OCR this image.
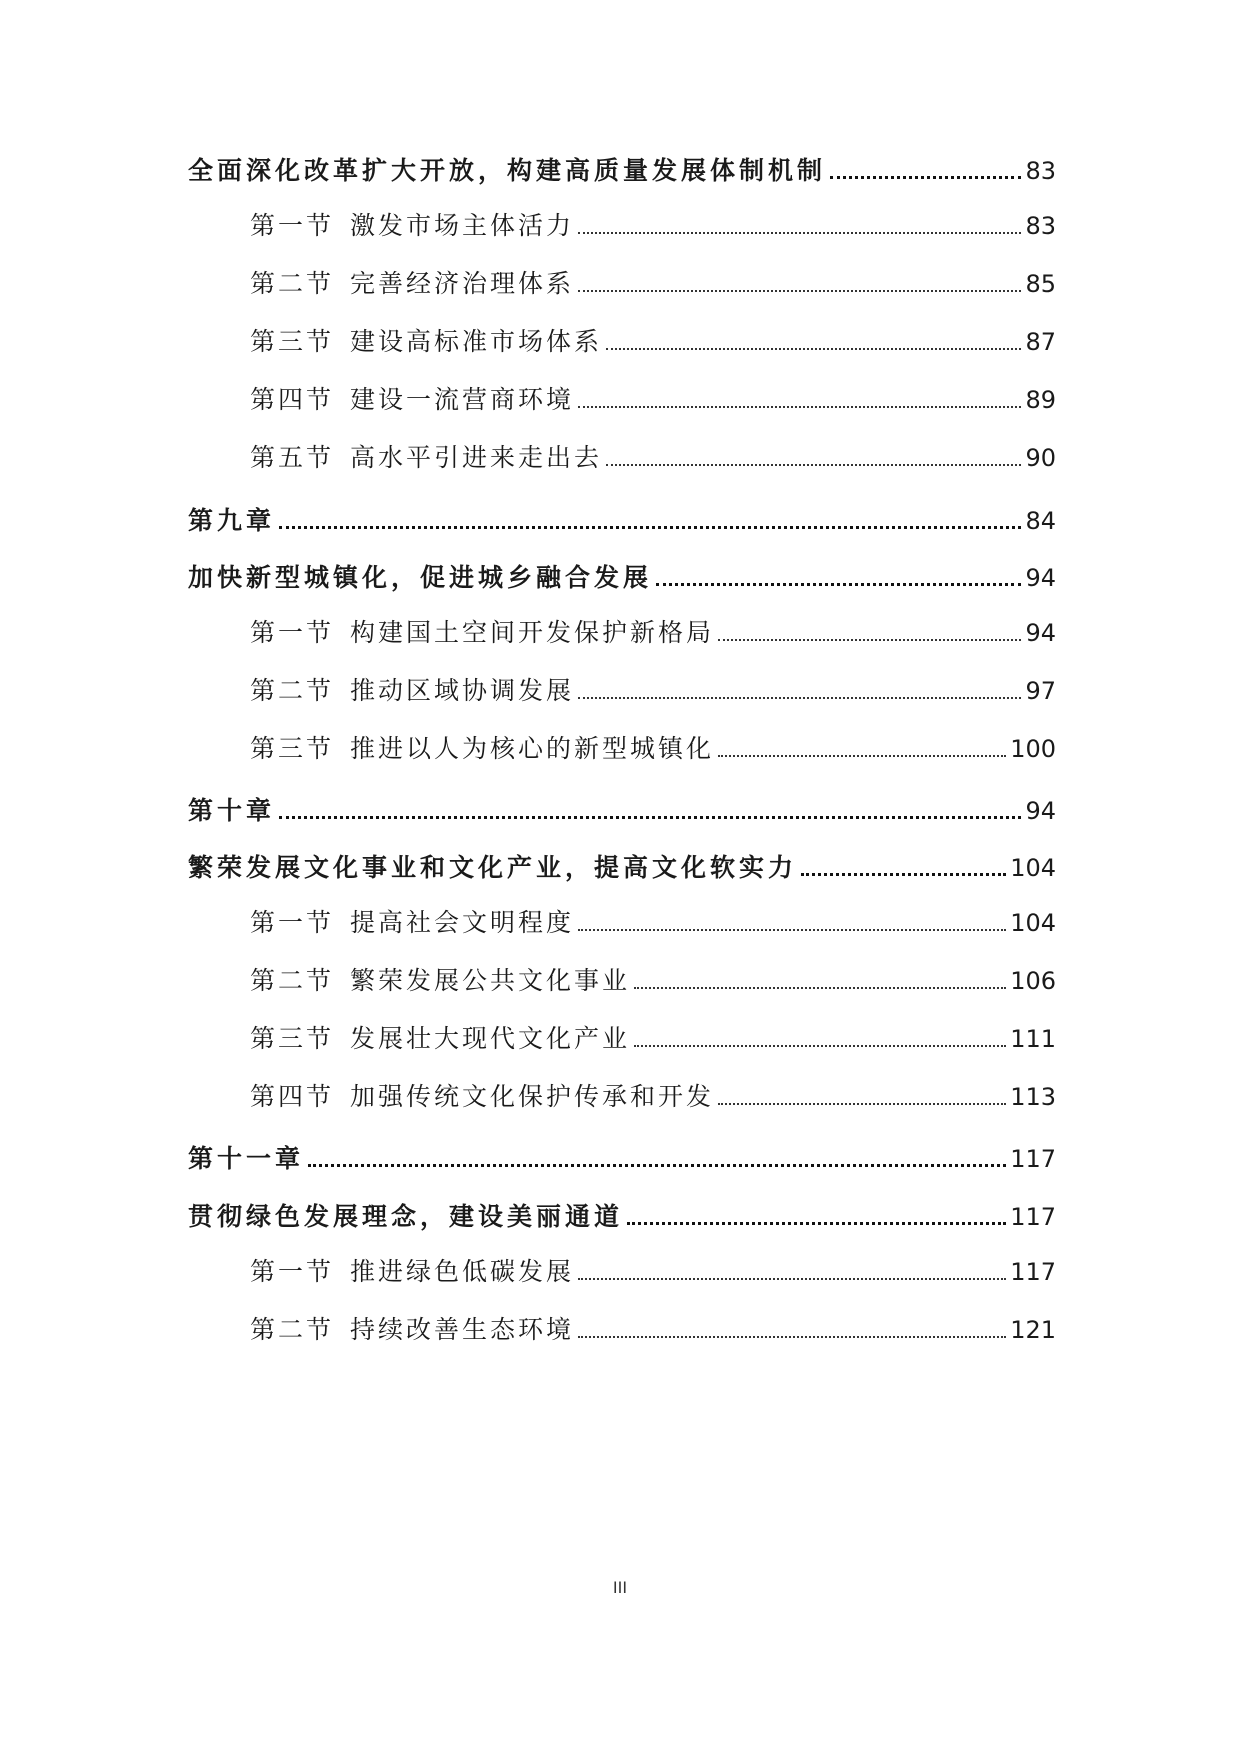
全面深化改革扩大开放，构建高质量发展体制机制	83
第一节 激发市场主体活力	83
第二节 完善经济治理体系	85
第三节 建设高标准市场体系	87
第四节 建设一流营商环境	89
第五节 高水平引进来走出去	90
第九章	84
加快新型城镇化，促进城乡融合发展	94
第一节 构建国土空间开发保护新格局	94
第二节 推动区域协调发展	97
第三节 推进以人为核心的新型城镇化	100
第十章	94
繁荣发展文化事业和文化产业，提高文化软实力	104
第一节 提高社会文明程度	104
第二节 繁荣发展公共文化事业	106
第三节 发展壮大现代文化产业	111
第四节 加强传统文化保护传承和开发	113
第十一章	117
贯彻绿色发展理念，建设美丽通道	117
第一节 推进绿色低碳发展	117
第二节 持续改善生态环境	121
III
